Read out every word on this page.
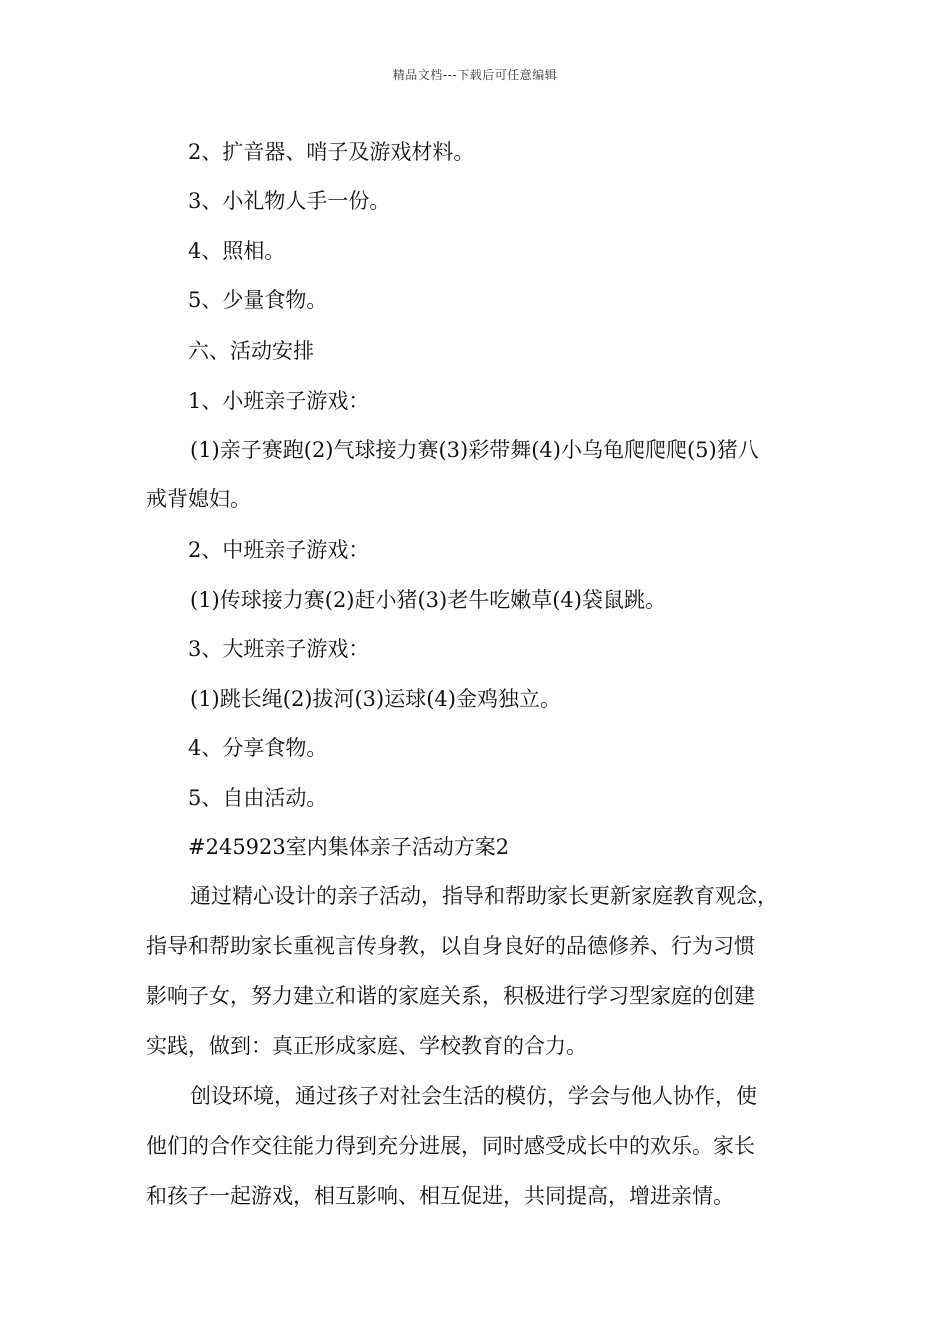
精品文档---下载后可任意编辑
2、扩音器、哨子及游戏材料。
3、小礼物人手一份。
4、照相。
5、少量食物。
六、活动安排
1、小班亲子游戏：
(1)亲子赛跑(2)气球接力赛(3)彩带舞(4)小乌龟爬爬爬(5)猪八
戒背媳妇。
2、中班亲子游戏：
(1)传球接力赛(2)赶小猪(3)老牛吃嫩草(4)袋鼠跳。
3、大班亲子游戏：
(1)跳长绳(2)拔河(3)运球(4)金鸡独立。
4、分享食物。
5、自由活动。
#245923室内集体亲子活动方案2
通过精心设计的亲子活动，指导和帮助家长更新家庭教育观念，
指导和帮助家长重视言传身教，以自身良好的品德修养、行为习惯
影响子女，努力建立和谐的家庭关系，积极进行学习型家庭的创建
实践，做到：真正形成家庭、学校教育的合力。
创设环境，通过孩子对社会生活的模仿，学会与他人协作，使
他们的合作交往能力得到充分进展，同时感受成长中的欢乐。家长
和孩子一起游戏，相互影响、相互促进，共同提高，增进亲情。
